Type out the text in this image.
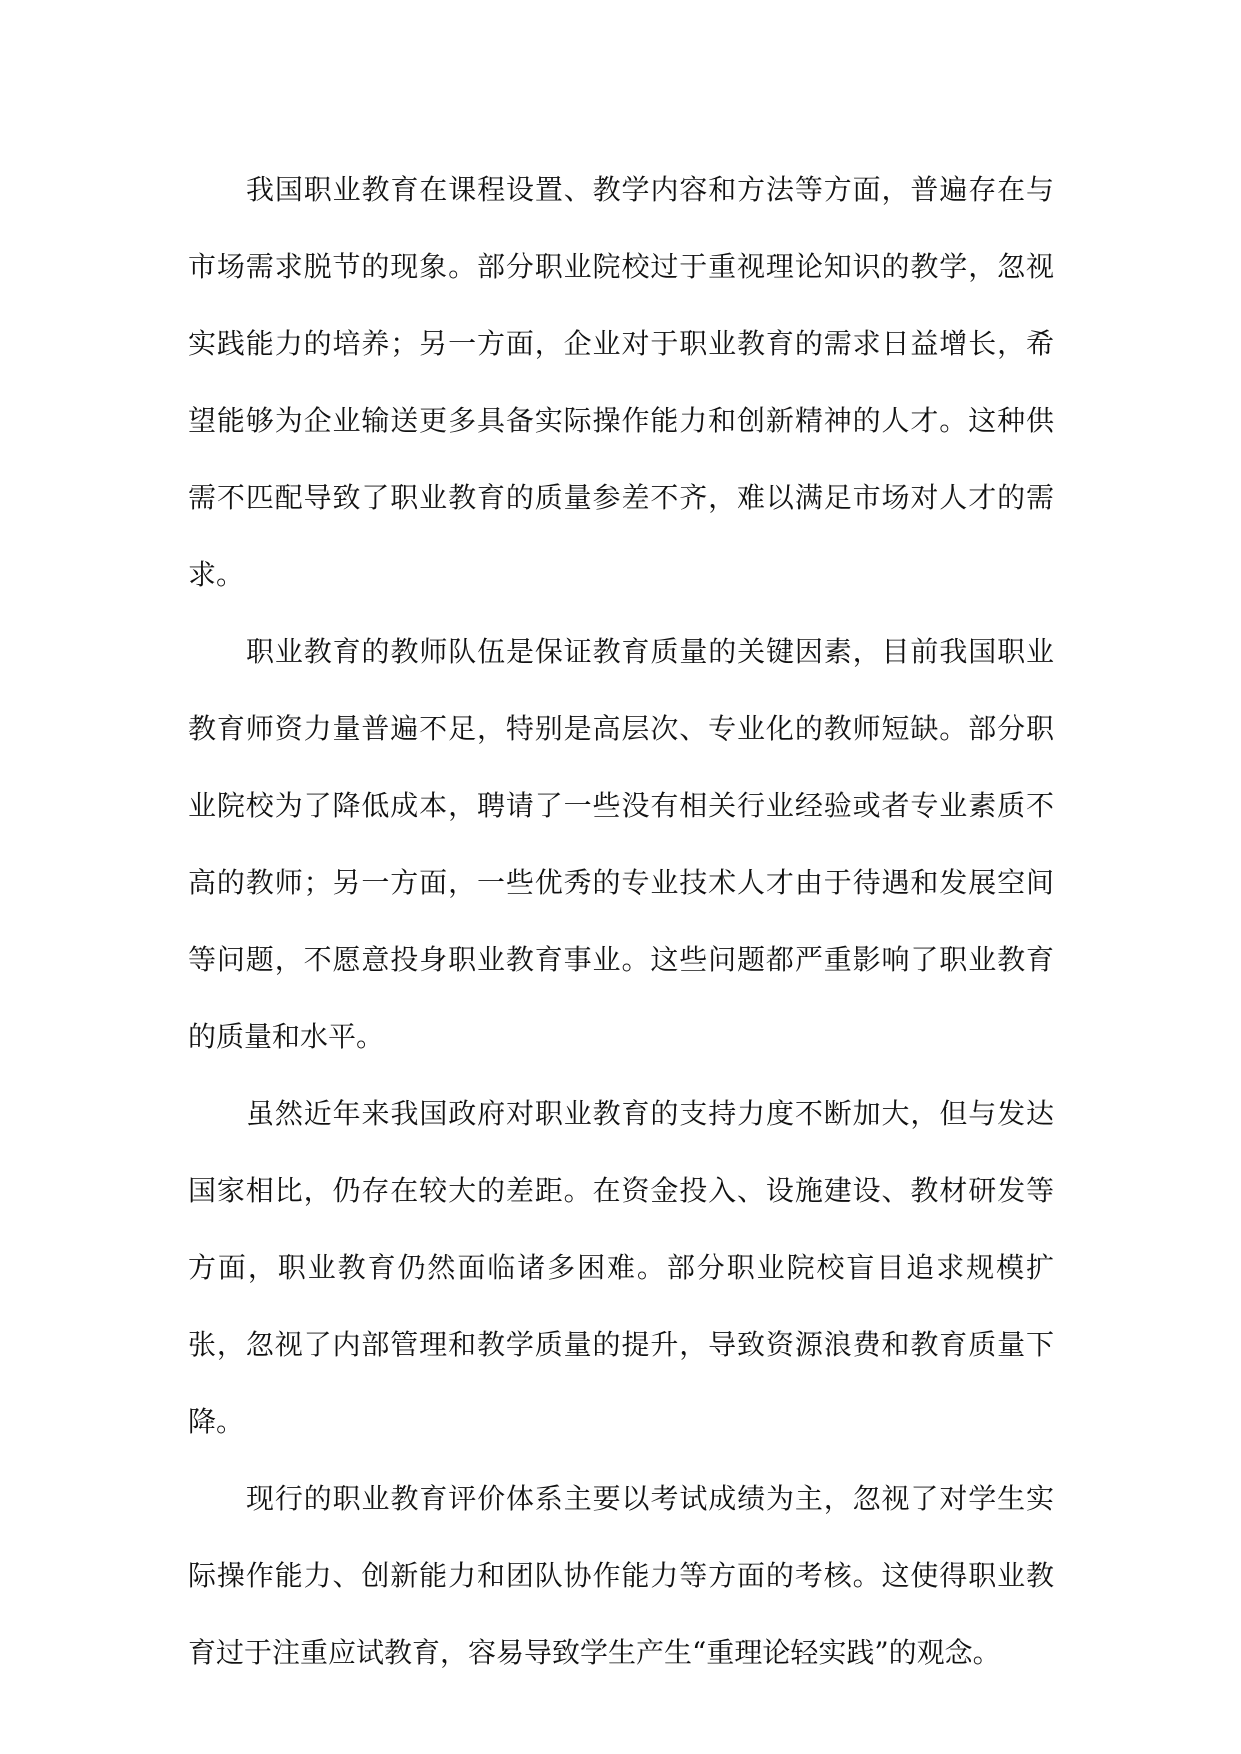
我国职业教育在课程设置、教学内容和方法等方面，普遍存在与市场需求脱节的现象。部分职业院校过于重视理论知识的教学，忽视实践能力的培养；另一方面，企业对于职业教育的需求日益增长，希望能够为企业输送更多具备实际操作能力和创新精神的人才。这种供需不匹配导致了职业教育的质量参差不齐，难以满足市场对人才的需求。

职业教育的教师队伍是保证教育质量的关键因素，目前我国职业教育师资力量普遍不足，特别是高层次、专业化的教师短缺。部分职业院校为了降低成本，聘请了一些没有相关行业经验或者专业素质不高的教师；另一方面，一些优秀的专业技术人才由于待遇和发展空间等问题，不愿意投身职业教育事业。这些问题都严重影响了职业教育的质量和水平。

虽然近年来我国政府对职业教育的支持力度不断加大，但与发达国家相比，仍存在较大的差距。在资金投入、设施建设、教材研发等方面，职业教育仍然面临诸多困难。部分职业院校盲目追求规模扩张，忽视了内部管理和教学质量的提升，导致资源浪费和教育质量下降。

现行的职业教育评价体系主要以考试成绩为主，忽视了对学生实际操作能力、创新能力和团队协作能力等方面的考核。这使得职业教育过于注重应试教育，容易导致学生产生“重理论轻实践”的观念。
